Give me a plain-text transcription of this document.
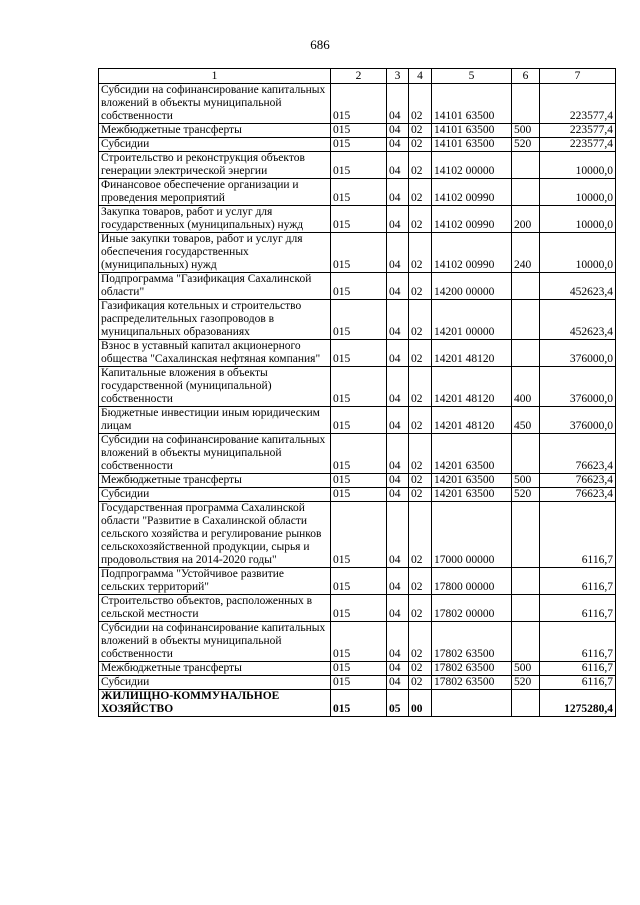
686
1	2	3	4	5	6	7
Субсидии на софинансирование капитальных вложений в объекты муниципальной собственности	015	04	02	14101 63500		223577,4
Межбюджетные трансферты	015	04	02	14101 63500	500	223577,4
Субсидии	015	04	02	14101 63500	520	223577,4
Строительство и реконструкция объектов генерации электрической энергии	015	04	02	14102 00000		10000,0
Финансовое обеспечение организации и проведения мероприятий	015	04	02	14102 00990		10000,0
Закупка товаров, работ и услуг для государственных (муниципальных) нужд	015	04	02	14102 00990	200	10000,0
Иные закупки товаров, работ и услуг для обеспечения государственных (муниципальных) нужд	015	04	02	14102 00990	240	10000,0
Подпрограмма "Газификация Сахалинской области"	015	04	02	14200 00000		452623,4
Газификация котельных и строительство распределительных газопроводов в муниципальных образованиях	015	04	02	14201 00000		452623,4
Взнос в уставный капитал акционерного общества "Сахалинская нефтяная компания"	015	04	02	14201 48120		376000,0
Капитальные вложения в объекты государственной (муниципальной) собственности	015	04	02	14201 48120	400	376000,0
Бюджетные инвестиции иным юридическим лицам	015	04	02	14201 48120	450	376000,0
Субсидии на софинансирование капитальных вложений в объекты муниципальной собственности	015	04	02	14201 63500		76623,4
Межбюджетные трансферты	015	04	02	14201 63500	500	76623,4
Субсидии	015	04	02	14201 63500	520	76623,4
Государственная программа Сахалинской области "Развитие в Сахалинской области сельского хозяйства и регулирование рынков сельскохозяйственной продукции, сырья и продовольствия на 2014-2020 годы"	015	04	02	17000 00000		6116,7
Подпрограмма "Устойчивое развитие сельских территорий"	015	04	02	17800 00000		6116,7
Строительство объектов, расположенных в сельской местности	015	04	02	17802 00000		6116,7
Субсидии на софинансирование капитальных вложений в объекты муниципальной собственности	015	04	02	17802 63500		6116,7
Межбюджетные трансферты	015	04	02	17802 63500	500	6116,7
Субсидии	015	04	02	17802 63500	520	6116,7
ЖИЛИЩНО-КОММУНАЛЬНОЕ ХОЗЯЙСТВО	015	05	00			1275280,4
